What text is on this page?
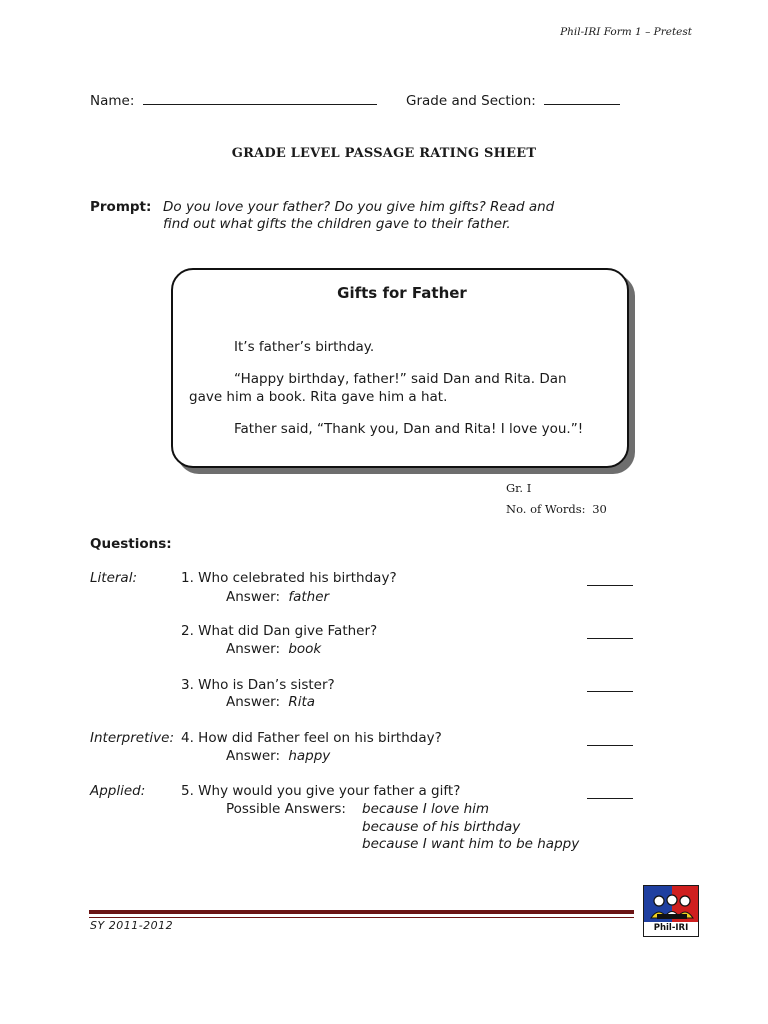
Phil-IRI Form 1 – Pretest
Name:	Grade and Section:
GRADE LEVEL PASSAGE RATING SHEET
Prompt: Do you love your father? Do you give him gifts? Read and
find out what gifts the children gave to their father.
Gifts for Father
It’s father’s birthday.
“Happy birthday, father!” said Dan and Rita. Dan
gave him a book. Rita gave him a hat.
Father said, “Thank you, Dan and Rita! I love you.”!
Gr. I
No. of Words: 30
Questions:
Literal:	1. Who celebrated his birthday?
Answer: father
2. What did Dan give Father?
Answer: book
3. Who is Dan’s sister?
Answer: Rita
Interpretive: 4. How did Father feel on his birthday?
Answer: happy
Applied:	5. Why would you give your father a gift?
Possible Answers: because I love him
because of his birthday
because I want him to be happy
SY 2011-2012	Phil-IRI
